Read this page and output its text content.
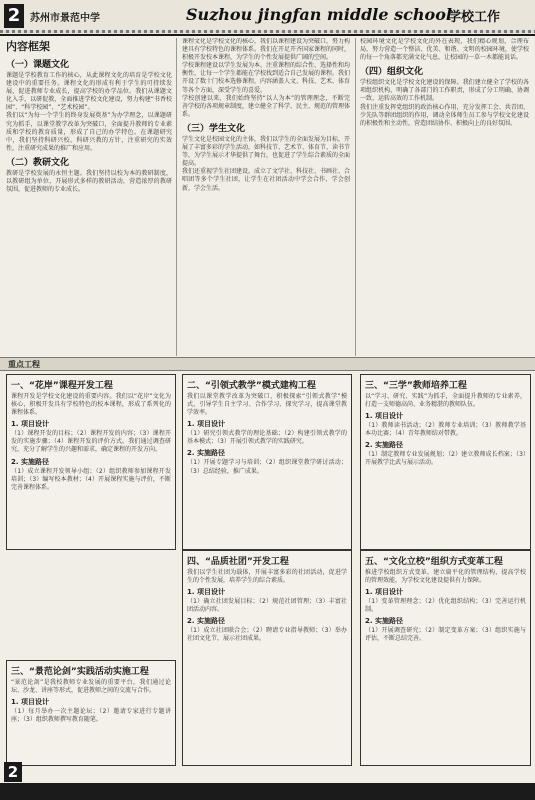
2 苏州市景范中学	Suzhou jingfan middle school
学校工作
内容框架
（一）课题文化
课题是学校教育工作的核心，从此课程文化的培育是学校文化建设中的重要任务。课程文化的形成有利于学生的可持续发展，促进教师专业成长，提高学校的办学品位。我们从课题文化入手，以研促教，全面推进学校文化建设，努力构建“书香校园”、“科学校园”、“艺术校园”。
我们以“为每一个学生的终身发展奠基”为办学理念，以课题研究为抓手，以课堂教学改革为突破口，全面提升教师的专业素质和学校的教育质量，形成了自己的办学特色。在课题研究中，我们坚持科研兴校、科研兴教的方针，注重研究的实效性，注重研究成果的推广和应用。
（二）教研文化
教研是学校发展的永恒主题。我们坚持以校为本的教研制度，以教研组为单位，开展形式多样的教研活动，营造浓厚的教研氛围，促进教师的专业成长。
课程文化是学校文化的核心，我们以课程建设为突破口，努力构建具有学校特色的课程体系。我们在开足开齐国家课程的同时，积极开发校本课程，为学生的个性发展提供广阔的空间。
学校课程建设以学生发展为本，注重课程的综合性、选择性和均衡性，让每一个学生都能在学校找到适合自己发展的课程。我们开设了数十门校本选修课程，内容涵盖人文、科技、艺术、体育等各个方面，深受学生的喜爱。
学校创建以来，我们始终坚持“以人为本”的管理理念，不断完善学校的各项规章制度，建立健全了科学、民主、规范的管理体系。
（三）学生文化
学生文化是校园文化的主体，我们以学生的全面发展为目标，开展了丰富多彩的学生活动，如科技节、艺术节、体育节、读书节等，为学生展示才华提供了舞台，也促进了学生综合素质的全面提高。
我们还重视学生社团建设，成立了文学社、科技社、书画社、合唱团等多个学生社团，让学生在社团活动中学会合作，学会创新，学会生活。
校园环境文化是学校文化的外在表现，我们精心规划，合理布局，努力营造一个整洁、优美、和谐、文明的校园环境，使学校的每一个角落都充满文化气息，让校园的一草一木都能说话。
（四）组织文化
学校组织文化是学校文化建设的保障。我们建立健全了学校的各项组织机构，明确了各部门的工作职责，形成了分工明确、协调一致、运转高效的工作机制。
我们注重发挥党组织的政治核心作用，充分发挥工会、共青团、少先队等群团组织的作用，调动全体师生员工参与学校文化建设的积极性和主动性，营造团结协作、积极向上的良好氛围。
重点工程
一、“花岸”课程开发工程
课程开发是学校文化建设的重要内容。我们以“花岸”文化为核心，积极开发具有学校特色的校本课程，形成了系列化的课程体系。
1. 项目设计
（1）课程开发的目标；（2）课程开发的内容；（3）课程开发的实施步骤；（4）课程开发的评价方式。我们通过调查研究，充分了解学生的兴趣和需求，确定课程的开发方向。
2. 实施路径
（1）成立课程开发领导小组；（2）组织教师参加课程开发培训；（3）编写校本教材；（4）开展课程实施与评价，不断完善课程体系。
二、“引领式教学”模式建构工程
我们以课堂教学改革为突破口，积极探索“引领式教学”模式，引导学生自主学习、合作学习、探究学习，提高课堂教学效率。
1. 项目设计
（1）研究引领式教学的理论基础；（2）构建引领式教学的基本模式；（3）开展引领式教学的实践研究。
2. 实施路径
（1）开展专题学习与培训；（2）组织课堂教学研讨活动；（3）总结经验，推广成果。
三、“三学”教师培养工程
以“学习、研究、实践”为抓手，全面提升教师的专业素养，打造一支师德高尚、业务精湛的教师队伍。
1. 项目设计
（1）教师读书活动；（2）教师专业培训；（3）教师教学基本功比赛；（4）青年教师结对带教。
2. 实施路径
（1）制定教师专业发展规划；（2）建立教师成长档案；（3）开展教学比武与展示活动。
四、“品质社团”开发工程
我们以学生社团为载体，开展丰富多彩的社团活动，促进学生的个性发展，培养学生的综合素质。
1. 项目设计
（1）确立社团发展目标；（2）规范社团管理；（3）丰富社团活动内容。
2. 实施路径
（1）成立社团联合会；（2）聘请专业指导教师；（3）举办社团文化节，展示社团成果。
五、“文化立校”组织方式变革工程
推进学校组织方式变革，建立扁平化的管理结构，提高学校的管理效能，为学校文化建设提供有力保障。
1. 项目设计
（1）变革管理理念；（2）优化组织结构；（3）完善运行机制。
2. 实施路径
（1）开展调查研究；（2）制定变革方案；（3）组织实施与评估，不断总结完善。
三、“景范论剑”实践活动实施工程
“景范论剑”是我校教师专业发展的重要平台，我们通过论坛、沙龙、讲座等形式，促进教师之间的交流与合作。
1. 项目设计
（1）每月举办一次主题论坛；（2）邀请专家进行专题讲座；（3）组织教师撰写教育随笔。
2
